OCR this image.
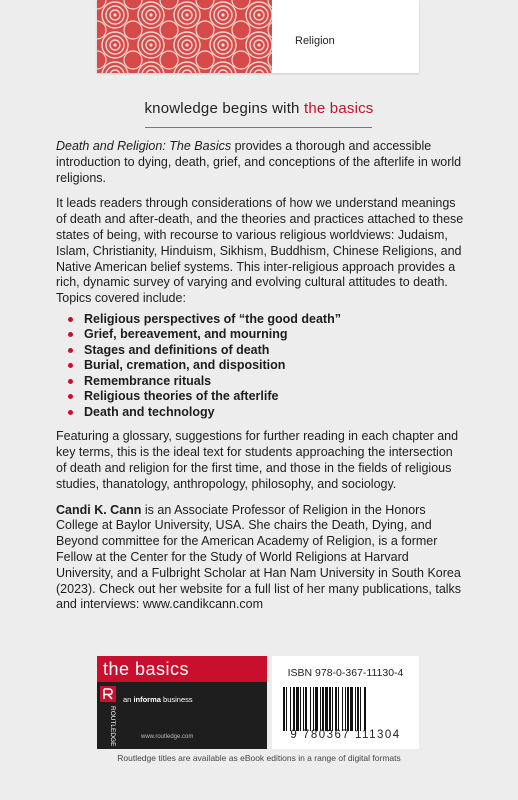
Religion
knowledge begins with the basics

Death and Religion: The Basics provides a thorough and accessible introduction to dying, death, grief, and conceptions of the afterlife in world religions.

It leads readers through considerations of how we understand meanings of death and after-death, and the theories and practices attached to these states of being, with recourse to various religious worldviews: Judaism, Islam, Christianity, Hinduism, Sikhism, Buddhism, Chinese Religions, and Native American belief systems. This inter-religious approach provides a rich, dynamic survey of varying and evolving cultural attitudes to death. Topics covered include:

Religious perspectives of “the good death”
Grief, bereavement, and mourning
Stages and definitions of death
Burial, cremation, and disposition
Remembrance rituals
Religious theories of the afterlife
Death and technology

Featuring a glossary, suggestions for further reading in each chapter and key terms, this is the ideal text for students approaching the intersection of death and religion for the first time, and those in the fields of religious studies, thanatology, anthropology, philosophy, and sociology.

Candi K. Cann is an Associate Professor of Religion in the Honors College at Baylor University, USA. She chairs the Death, Dying, and Beyond committee for the American Academy of Religion, is a former Fellow at the Center for the Study of World Religions at Harvard University, and a Fulbright Scholar at Han Nam University in South Korea (2023). Check out her website for a full list of her many publications, talks and interviews: www.candikcann.com

the basics
ROUTLEDGE
an informa business
www.routledge.com
ISBN 978-0-367-11130-4
9 780367 111304
Routledge titles are available as eBook editions in a range of digital formats
